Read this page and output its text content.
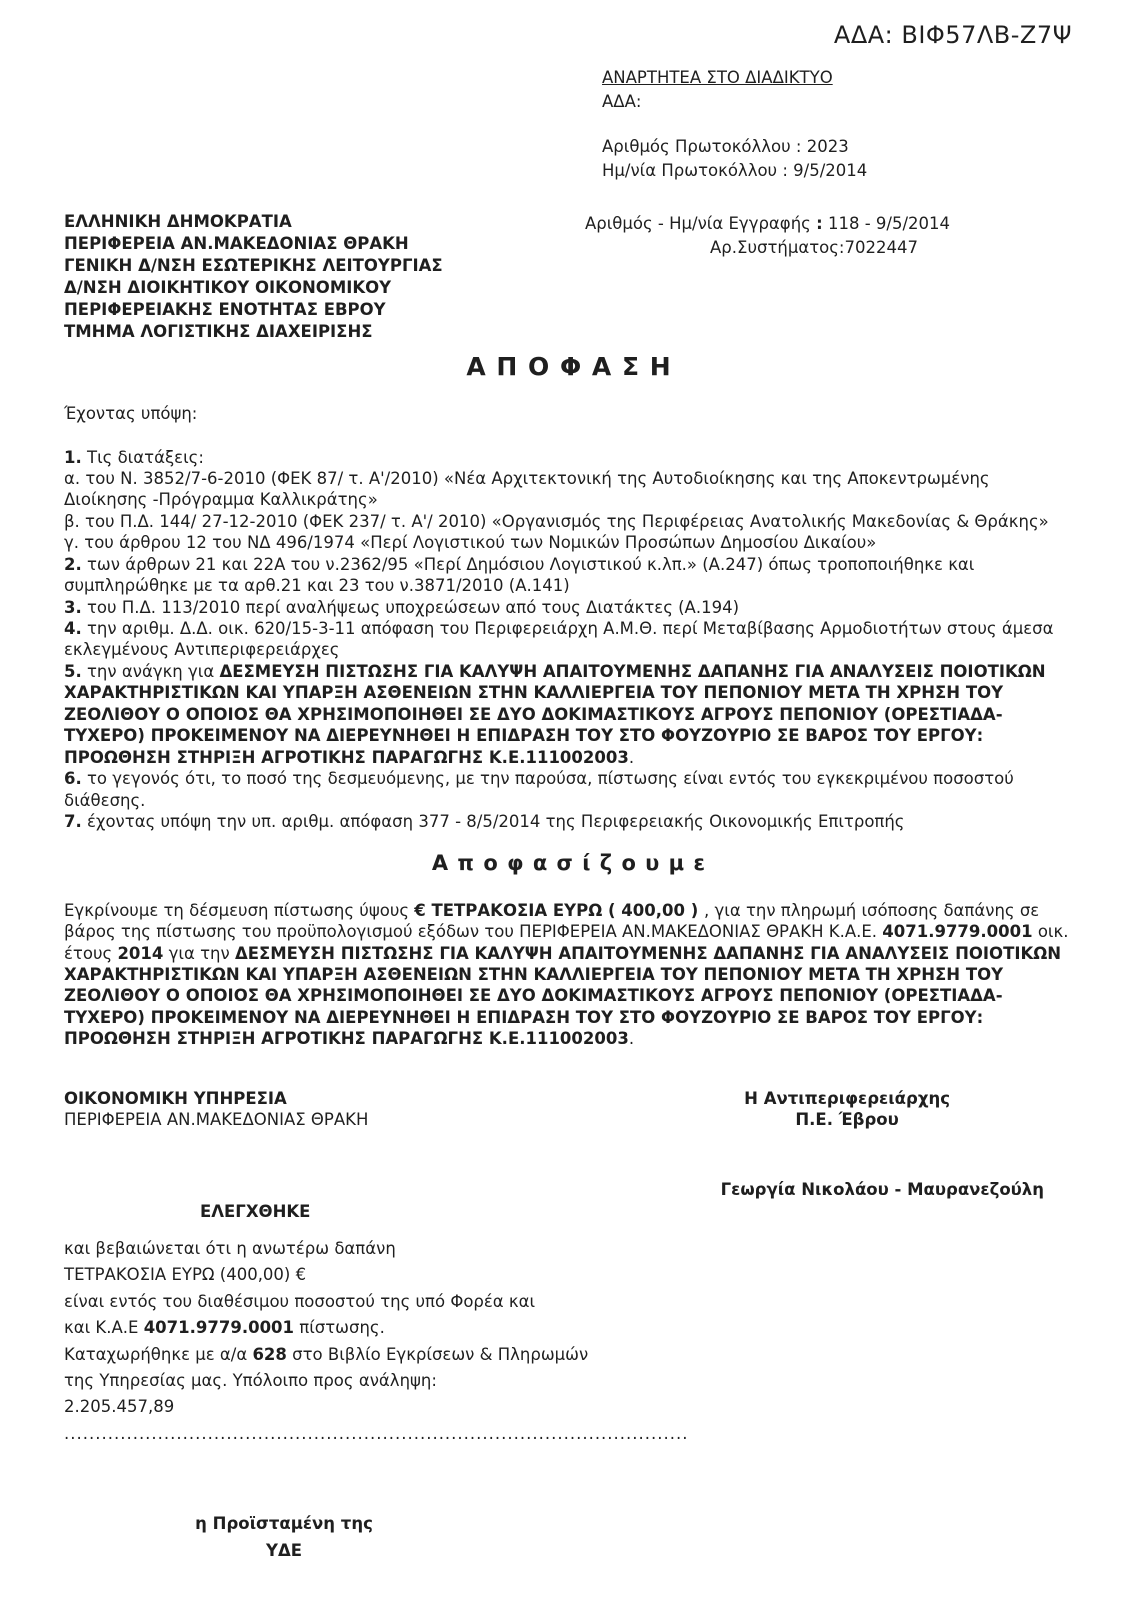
ΑΔΑ: ΒΙΦ57ΛΒ-Ζ7Ψ
ΑΝΑΡΤΗΤΕΑ ΣΤΟ ΔΙΑΔΙΚΤΥΟ
ΑΔΑ:
Αριθμός Πρωτοκόλλου : 2023
Ημ/νία Πρωτοκόλλου : 9/5/2014
ΕΛΛΗΝΙΚΗ ΔΗΜΟΚΡΑΤΙΑ
ΠΕΡΙΦΕΡΕΙΑ ΑΝ.ΜΑΚΕΔΟΝΙΑΣ ΘΡΑΚΗ
ΓΕΝΙΚΗ Δ/ΝΣΗ ΕΣΩΤΕΡΙΚΗΣ ΛΕΙΤΟΥΡΓΙΑΣ
Δ/ΝΣΗ ΔΙΟΙΚΗΤΙΚΟΥ ΟΙΚΟΝΟΜΙΚΟΥ
ΠΕΡΙΦΕΡΕΙΑΚΗΣ ΕΝΟΤΗΤΑΣ ΕΒΡΟΥ
ΤΜΗΜΑ ΛΟΓΙΣΤΙΚΗΣ ΔΙΑΧΕΙΡΙΣΗΣ
Αριθμός - Ημ/νία Εγγραφής : 118 - 9/5/2014
Αρ.Συστήματος:7022447
Α Π Ο Φ Α Σ Η

Έχοντας υπόψη:

1. Τις διατάξεις:

α. του Ν. 3852/7-6-2010 (ΦΕΚ 87/ τ. Α'/2010) «Νέα Αρχιτεκτονική της Αυτοδιοίκησης και της Αποκεντρωμένης Διοίκησης -Πρόγραμμα Καλλικράτης»

β. του Π.Δ. 144/ 27-12-2010 (ΦΕΚ 237/ τ. Α'/ 2010) «Οργανισμός της Περιφέρειας Ανατολικής Μακεδονίας & Θράκης»

γ. του άρθρου 12 του ΝΔ 496/1974 «Περί Λογιστικού των Νομικών Προσώπων Δημοσίου Δικαίου»

2. των άρθρων 21 και 22Α του ν.2362/95 «Περί Δημόσιου Λογιστικού κ.λπ.» (Α.247) όπως τροποποιήθηκε και συμπληρώθηκε με τα αρθ.21 και 23 του ν.3871/2010 (Α.141)

3. του Π.Δ. 113/2010 περί αναλήψεως υποχρεώσεων από τους Διατάκτες (Α.194)

4. την αριθμ. Δ.Δ. οικ. 620/15-3-11 απόφαση του Περιφερειάρχη Α.Μ.Θ. περί Μεταβίβασης Αρμοδιοτήτων στους άμεσα εκλεγμένους Αντιπεριφερειάρχες

5. την ανάγκη για ΔΕΣΜΕΥΣΗ ΠΙΣΤΩΣΗΣ ΓΙΑ ΚΑΛΥΨΗ ΑΠΑΙΤΟΥΜΕΝΗΣ ΔΑΠΑΝΗΣ ΓΙΑ ΑΝΑΛΥΣΕΙΣ ΠΟΙΟΤΙΚΩΝ ΧΑΡΑΚΤΗΡΙΣΤΙΚΩΝ ΚΑΙ ΥΠΑΡΞΗ ΑΣΘΕΝΕΙΩΝ ΣΤΗΝ ΚΑΛΛΙΕΡΓΕΙΑ ΤΟΥ ΠΕΠΟΝΙΟΥ ΜΕΤΑ ΤΗ ΧΡΗΣΗ ΤΟΥ ΖΕΟΛΙΘΟΥ Ο ΟΠΟΙΟΣ ΘΑ ΧΡΗΣΙΜΟΠΟΙΗΘΕΙ ΣΕ ΔΥΟ ΔΟΚΙΜΑΣΤΙΚΟΥΣ ΑΓΡΟΥΣ ΠΕΠΟΝΙΟΥ (ΟΡΕΣΤΙΑΔΑ-ΤΥΧΕΡΟ) ΠΡΟΚΕΙΜΕΝΟΥ ΝΑ ΔΙΕΡΕΥΝΗΘΕΙ Η ΕΠΙΔΡΑΣΗ ΤΟΥ ΣΤΟ ΦΟΥΖΟΥΡΙΟ ΣΕ ΒΑΡΟΣ ΤΟΥ ΕΡΓΟΥ: ΠΡΟΩΘΗΣΗ ΣΤΗΡΙΞΗ ΑΓΡΟΤΙΚΗΣ ΠΑΡΑΓΩΓΗΣ Κ.Ε.111002003.

6. το γεγονός ότι, το ποσό της δεσμευόμενης, με την παρούσα, πίστωσης είναι εντός του εγκεκριμένου ποσοστού διάθεσης.

7. έχοντας υπόψη την υπ. αριθμ. απόφαση 377 - 8/5/2014 της Περιφερειακής Οικονομικής Επιτροπής

Α π ο φ α σ ί ζ ο υ μ ε

Εγκρίνουμε τη δέσμευση πίστωσης ύψους € ΤΕΤΡΑΚΟΣΙΑ ΕΥΡΩ ( 400,00 ) , για την πληρωμή ισόποσης δαπάνης σε βάρος της πίστωσης του προϋπολογισμού εξόδων του ΠΕΡΙΦΕΡΕΙΑ ΑΝ.ΜΑΚΕΔΟΝΙΑΣ ΘΡΑΚΗ Κ.Α.Ε. 4071.9779.0001 οικ. έτους 2014 για την ΔΕΣΜΕΥΣΗ ΠΙΣΤΩΣΗΣ ΓΙΑ ΚΑΛΥΨΗ ΑΠΑΙΤΟΥΜΕΝΗΣ ΔΑΠΑΝΗΣ ΓΙΑ ΑΝΑΛΥΣΕΙΣ ΠΟΙΟΤΙΚΩΝ ΧΑΡΑΚΤΗΡΙΣΤΙΚΩΝ ΚΑΙ ΥΠΑΡΞΗ ΑΣΘΕΝΕΙΩΝ ΣΤΗΝ ΚΑΛΛΙΕΡΓΕΙΑ ΤΟΥ ΠΕΠΟΝΙΟΥ ΜΕΤΑ ΤΗ ΧΡΗΣΗ ΤΟΥ ΖΕΟΛΙΘΟΥ Ο ΟΠΟΙΟΣ ΘΑ ΧΡΗΣΙΜΟΠΟΙΗΘΕΙ ΣΕ ΔΥΟ ΔΟΚΙΜΑΣΤΙΚΟΥΣ ΑΓΡΟΥΣ ΠΕΠΟΝΙΟΥ (ΟΡΕΣΤΙΑΔΑ-ΤΥΧΕΡΟ) ΠΡΟΚΕΙΜΕΝΟΥ ΝΑ ΔΙΕΡΕΥΝΗΘΕΙ Η ΕΠΙΔΡΑΣΗ ΤΟΥ ΣΤΟ ΦΟΥΖΟΥΡΙΟ ΣΕ ΒΑΡΟΣ ΤΟΥ ΕΡΓΟΥ: ΠΡΟΩΘΗΣΗ ΣΤΗΡΙΞΗ ΑΓΡΟΤΙΚΗΣ ΠΑΡΑΓΩΓΗΣ Κ.Ε.111002003.

ΟΙΚΟΝΟΜΙΚΗ ΥΠΗΡΕΣΙΑ
ΠΕΡΙΦΕΡΕΙΑ ΑΝ.ΜΑΚΕΔΟΝΙΑΣ ΘΡΑΚΗ
Η Αντιπεριφερειάρχης
Π.Ε. Έβρου
ΕΛΕΓΧΘΗΚΕ
Γεωργία Νικολάου - Μαυρανεζούλη
και βεβαιώνεται ότι η ανωτέρω δαπάνη
ΤΕΤΡΑΚΟΣΙΑ ΕΥΡΩ (400,00) €
είναι εντός του διαθέσιμου ποσοστού της υπό Φορέα και
και Κ.Α.Ε 4071.9779.0001 πίστωσης.
Καταχωρήθηκε με α/α 628 στο Βιβλίο Εγκρίσεων & Πληρωμών
της Υπηρεσίας μας. Υπόλοιπο προς ανάληψη:
2.205.457,89
....................................................................................................
η Προϊσταμένη της
ΥΔΕ
